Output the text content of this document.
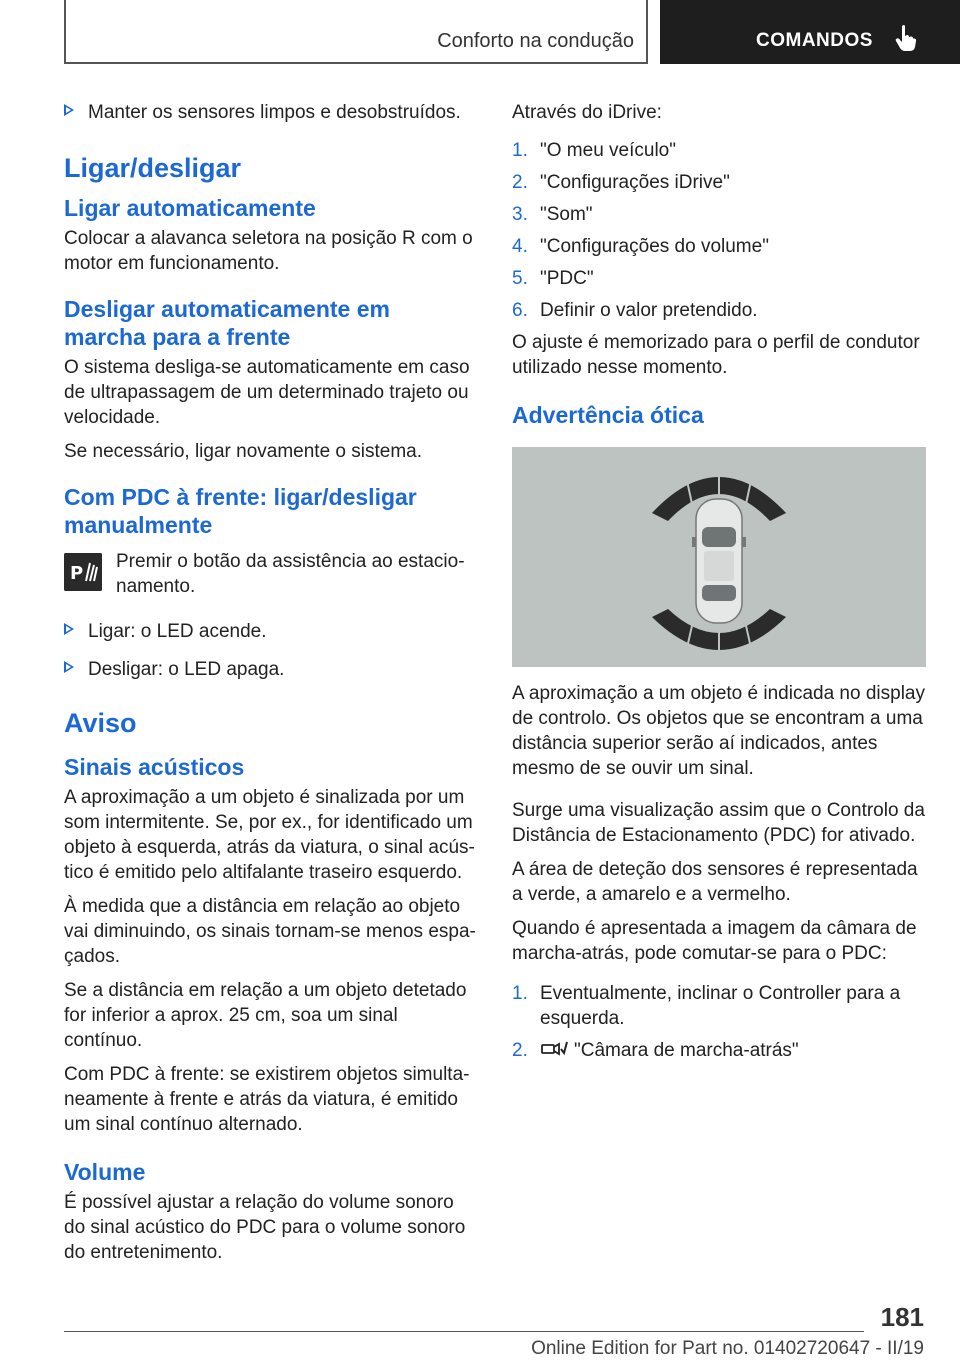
Conforto na condução	COMANDOS
Manter os sensores limpos e desobstruídos.
Ligar/desligar
Ligar automaticamente

Colocar a alavanca seletora na posição R com o motor em funcionamento.

Desligar automaticamente em marcha para a frente

O sistema desliga-se automaticamente em caso de ultrapassagem de um determinado trajeto ou velocidade.

Se necessário, ligar novamente o sistema.

Com PDC à frente: ligar/desligar manualmente
P

Premir o botão da assistência ao estacionamento.

Ligar: o LED acende.
Desligar: o LED apaga.
Aviso
Sinais acústicos

A aproximação a um objeto é sinalizada por um som intermitente. Se, por ex., for identificado um objeto à esquerda, atrás da viatura, o sinal acústico é emitido pelo altifalante traseiro esquerdo.

À medida que a distância em relação ao objeto vai diminuindo, os sinais tornam-se menos espaçados.

Se a distância em relação a um objeto detetado for inferior a aprox. 25 cm, soa um sinal contínuo.

Com PDC à frente: se existirem objetos simultaneamente à frente e atrás da viatura, é emitido um sinal contínuo alternado.

Volume

É possível ajustar a relação do volume sonoro do sinal acústico do PDC para o volume sonoro do entretenimento.

Através do iDrive:

1. "O meu veículo"
2. "Configurações iDrive"
3. "Som"
4. "Configurações do volume"
5. "PDC"
6. Definir o valor pretendido.

O ajuste é memorizado para o perfil de condutor utilizado nesse momento.

Advertência ótica

A aproximação a um objeto é indicada no display de controlo. Os objetos que se encontram a uma distância superior serão aí indicados, antes mesmo de se ouvir um sinal.

Surge uma visualização assim que o Controlo da Distância de Estacionamento (PDC) for ativado.

A área de deteção dos sensores é representada a verde, a amarelo e a vermelho.

Quando é apresentada a imagem da câmara de marcha-atrás, pode comutar-se para o PDC:

1. Eventualmente, inclinar o Controller para a esquerda.
2.	"Câmara de marcha-atrás"
181
Online Edition for Part no. 01402720647 - II/19
